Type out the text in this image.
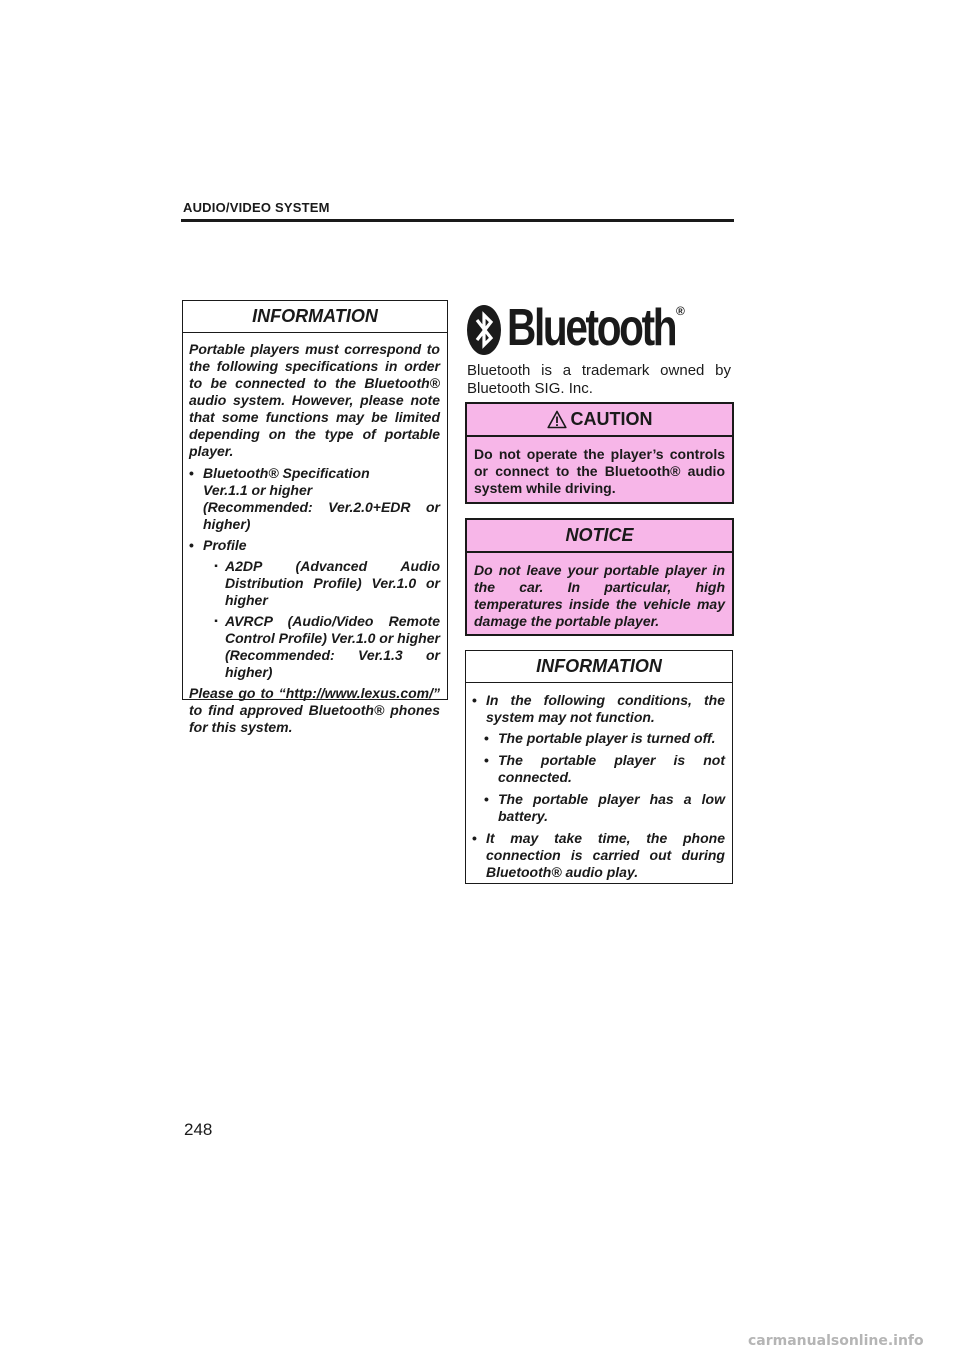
AUDIO/VIDEO SYSTEM
INFORMATION

Portable players must correspond to the following specifications in order to be connected to the Bluetooth® audio system. However, please note that some functions may be limited depending on the type of portable player.

• Bluetooth® Specification
Ver.1.1 or higher
(Recommended: Ver.2.0+EDR or higher)
• Profile
▪ A2DP (Advanced Audio Distribution Profile) Ver.1.0 or higher
▪ AVRCP (Audio/Video Remote Control Profile) Ver.1.0 or higher
(Recommended: Ver.1.3 or higher)

Please go to “http://www.lexus.com/” to find approved Bluetooth® phones for this system.

Bluetooth ®
Bluetooth is a trademark owned by Bluetooth SIG. Inc.
CAUTION
Do not operate the player’s controls or connect to the Bluetooth® audio system while driving.
NOTICE
Do not leave your portable player in the car. In particular, high temperatures inside the vehicle may damage the portable player.
INFORMATION
• In the following conditions, the system may not function.
• The portable player is turned off.
• The portable player is not connected.
• The portable player has a low battery.
• It may take time, the phone connection is carried out during Bluetooth® audio play.
248
carmanualsonline.info
